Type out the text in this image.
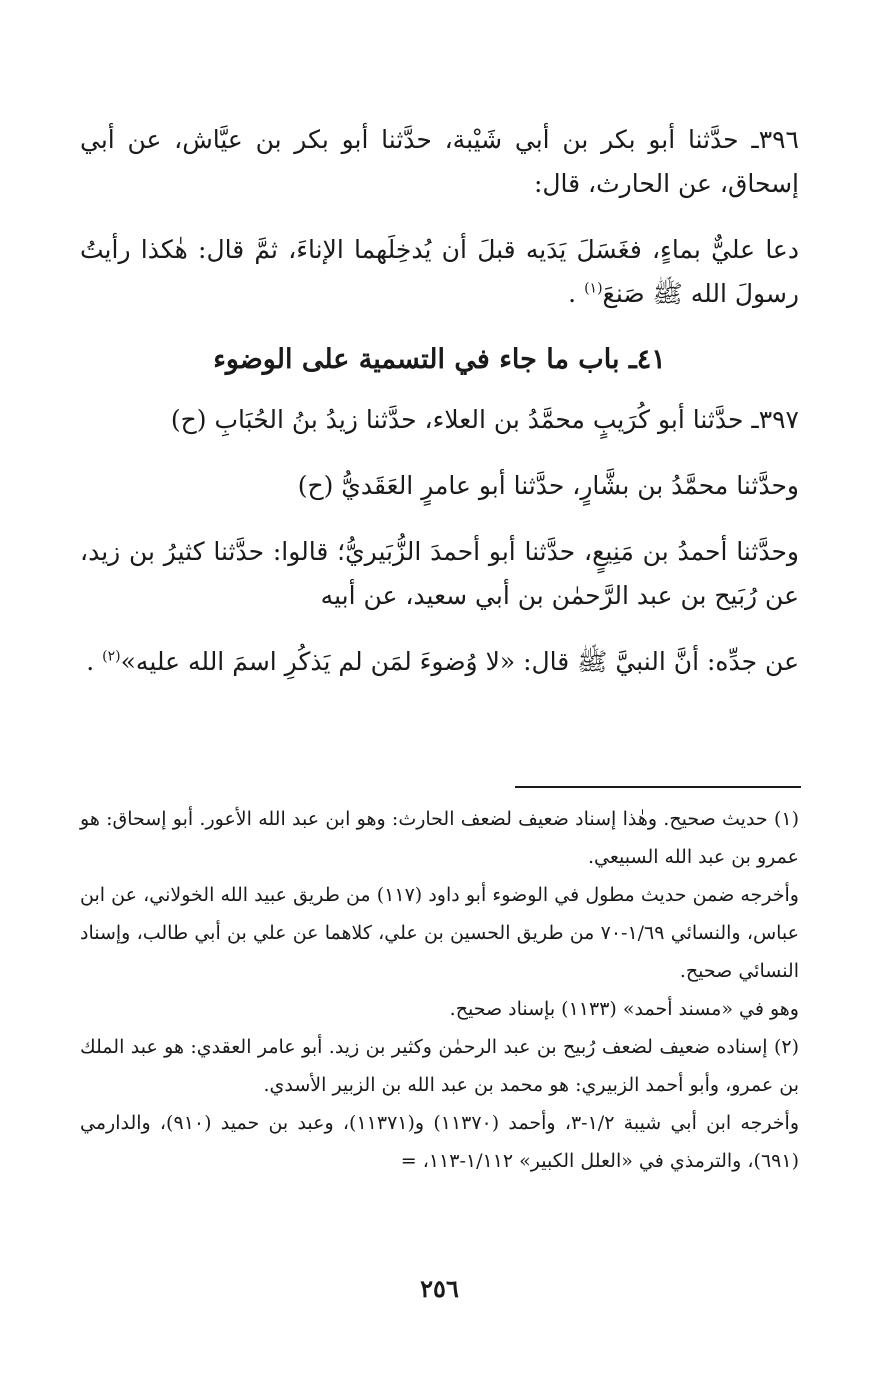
٣٩٦ـ حدَّثنا أبو بكر بن أبي شَيْبة، حدَّثنا أبو بكر بن عيَّاش، عن أبي إسحاق، عن الحارث، قال:

دعا عليٌّ بماءٍ، فغَسَلَ يَدَيه قبلَ أن يُدخِلَهما الإناءَ، ثمَّ قال: هٰكذا رأيتُ رسولَ الله ﷺ صَنعَ$^{(١)}$ .

٤١ـ باب ما جاء في التسمية على الوضوء

٣٩٧ـ حدَّثنا أبو كُرَيبٍ محمَّدُ بن العلاء، حدَّثنا زيدُ بنُ الحُبَابِ (ح)

وحدَّثنا محمَّدُ بن بشَّارٍ، حدَّثنا أبو عامرٍ العَقَديُّ (ح)

وحدَّثنا أحمدُ بن مَنِيعٍ، حدَّثنا أبو أحمدَ الزُّبَيريُّ؛ قالوا: حدَّثنا كثيرُ بن زيد، عن رُبَيح بن عبد الرَّحمٰن بن أبي سعيد، عن أبيه

عن جدِّه: أنَّ النبيَّ ﷺ قال: «لا وُضوءَ لمَن لم يَذكُرِ اسمَ الله عليه»$^{(٢)}$ .

(١) حديث صحيح. وهٰذا إسناد ضعيف لضعف الحارث: وهو ابن عبد الله الأعور. أبو إسحاق: هو عمرو بن عبد الله السبيعي.

وأخرجه ضمن حديث مطول في الوضوء أبو داود (١١٧) من طريق عبيد الله الخولاني، عن ابن عباس، والنسائي ١/٦٩-٧٠ من طريق الحسين بن علي، كلاهما عن علي بن أبي طالب، وإسناد النسائي صحيح.

وهو في «مسند أحمد» (١١٣٣) بإسناد صحيح.

(٢) إسناده ضعيف لضعف رُبيح بن عبد الرحمٰن وكثير بن زيد. أبو عامر العقدي: هو عبد الملك بن عمرو، وأبو أحمد الزبيري: هو محمد بن عبد الله بن الزبير الأسدي.

وأخرجه ابن أبي شيبة ١/٢-٣، وأحمد (١١٣٧٠) و(١١٣٧١)، وعبد بن حميد (٩١٠)، والدارمي (٦٩١)، والترمذي في «العلل الكبير» ١/١١٢-١١٣، =

٢٥٦
